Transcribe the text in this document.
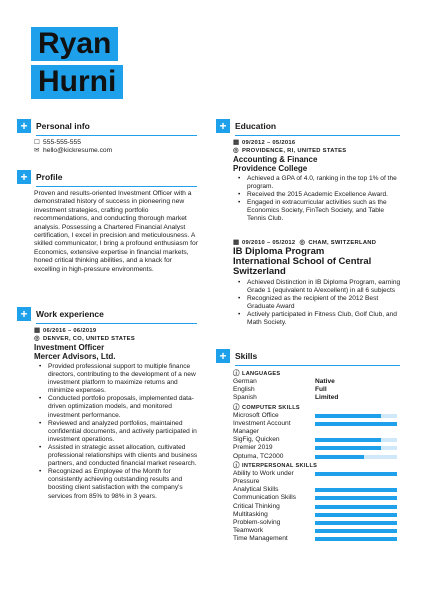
Ryan
Hurni
+	Personal info
☐ 555-555-555
✉ hello@kickresume.com
+	Profile
Proven and results-oriented Investment Officer with a demonstrated history of success in pioneering new investment strategies, crafting portfolio recommendations, and conducting thorough market analysis. Possessing a Chartered Financial Analyst certification, I excel in precision and meticulousness. A skilled communicator, I bring a profound enthusiasm for Economics, extensive expertise in financial markets, honed critical thinking abilities, and a knack for excelling in high-pressure environments.
+	Work experience
▦ 06/2016 – 06/2019
◎ DENVER, CO, UNITED STATES
Investment Officer
Mercer Advisors, Ltd.
• Provided professional support to multiple finance directors, contributing to the development of a new investment platform to maximize returns and minimize expenses.
• Conducted portfolio proposals, implemented data-driven optimization models, and monitored investment performance.
• Reviewed and analyzed portfolios, maintained confidential documents, and actively participated in investment operations.
• Assisted in strategic asset allocation, cultivated professional relationships with clients and business partners, and conducted financial market research.
• Recognized as Employee of the Month for consistently achieving outstanding results and boosting client satisfaction with the company's services from 85% to 98% in 3 years.
+	Education
▦ 09/2012 – 05/2016
◎ PROVIDENCE, RI, UNITED STATES
Accounting & Finance
Providence College
• Achieved a GPA of 4.0, ranking in the top 1% of the program.
• Received the 2015 Academic Excellence Award.
• Engaged in extracurricular activities such as the Economics Society, FinTech Society, and Table Tennis Club.
▦ 09/2010 – 05/2012 ◎ CHAM, SWITZERLAND
IB Diploma Program
International School of Central Switzerland
• Achieved Distinction in IB Diploma Program, earning Grade 1 (equivalent to A/excellent) in all 6 subjects
• Recognized as the recipient of the 2012 Best Graduate Award
• Actively participated in Fitness Club, Golf Club, and Math Society.
+	Skills
ⓘ LANGUAGES
German	Native
English	Full
Spanish	Limited
ⓘ COMPUTER SKILLS
Microsoft Office
Investment Account Manager
SigFig, Quicken
Premier 2019
Optuma, TC2000
ⓘ INTERPERSONAL SKILLS
Ability to Work under Pressure
Analytical Skills
Communication Skills
Critical Thinking
Multitasking
Problem-solving
Teamwork
Time Management
